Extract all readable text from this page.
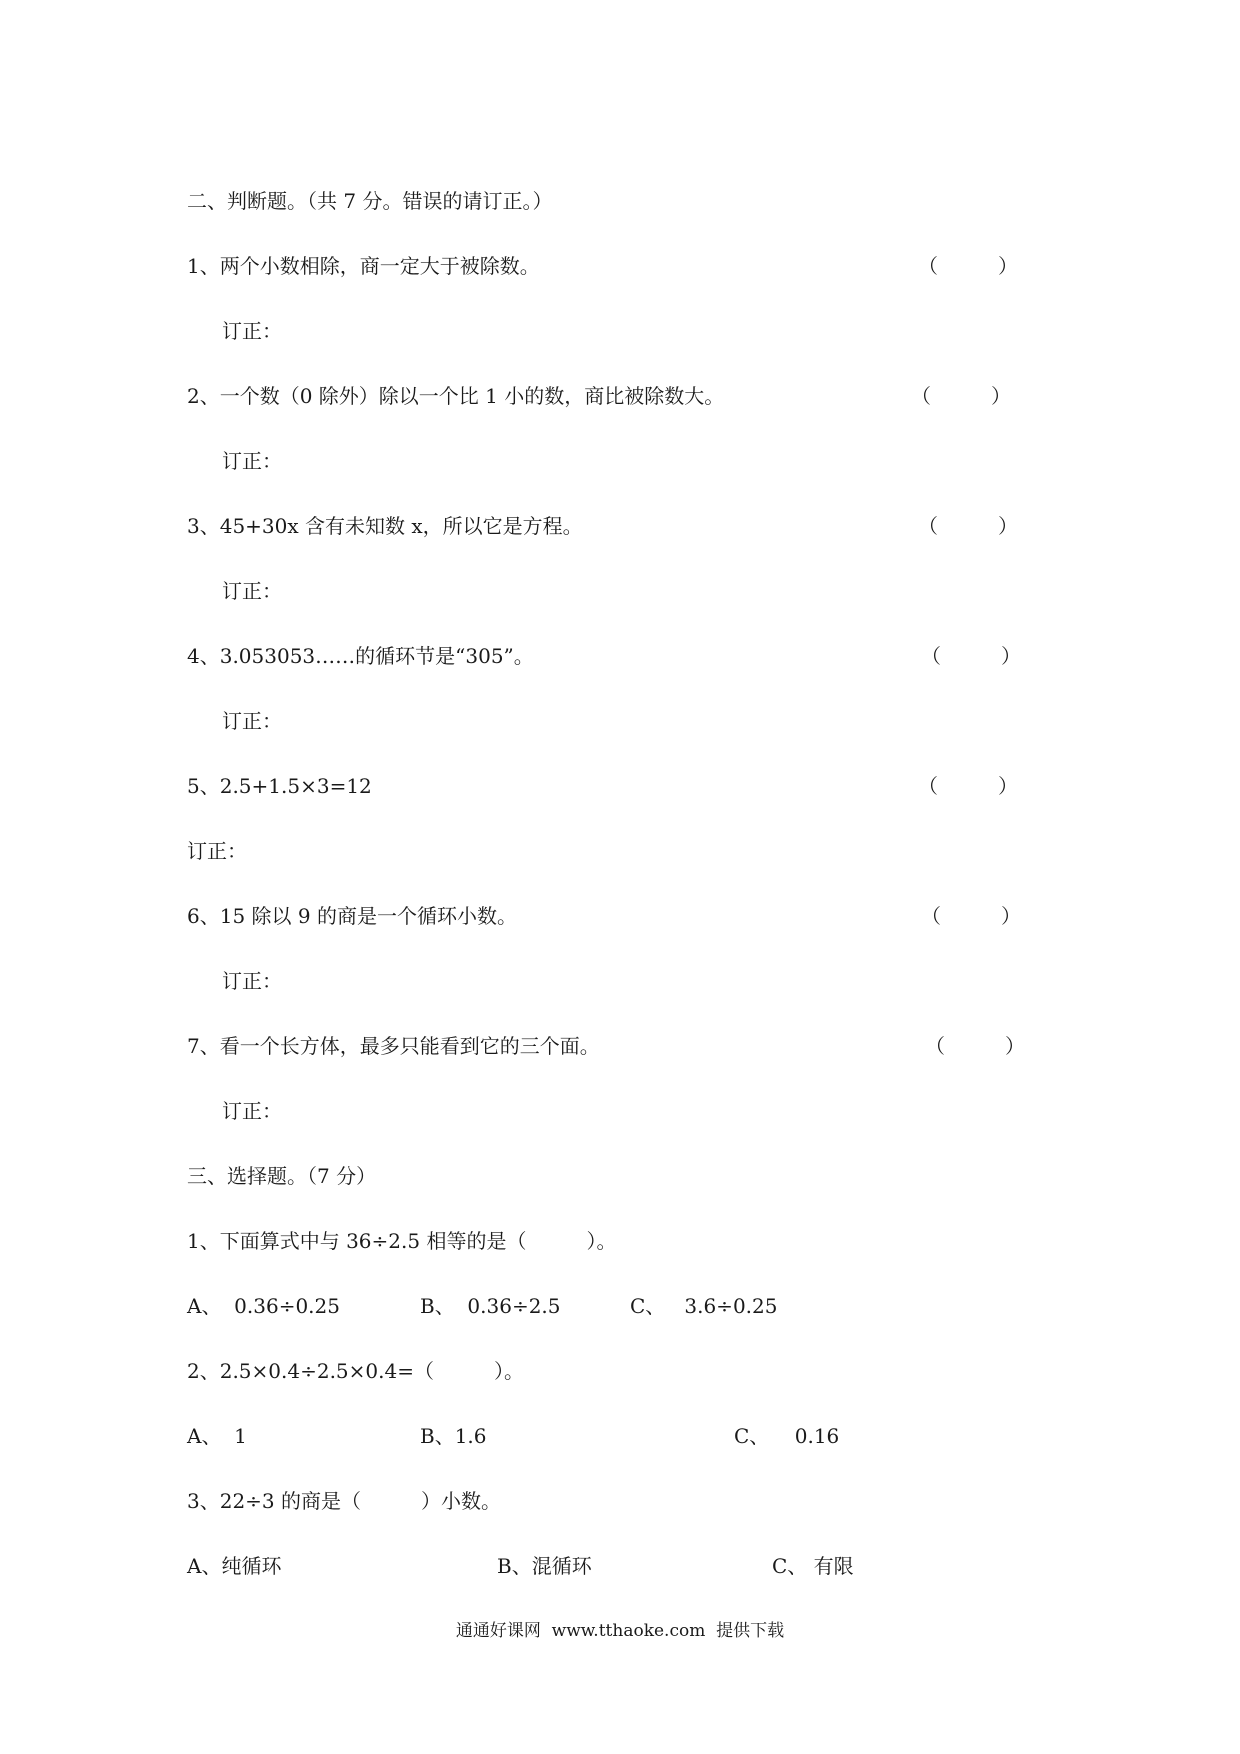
二、判断题。（共 7 分。错误的请订正。）
1、两个小数相除，商一定大于被除数。	（　　　）
订正：
2、一个数（0 除外）除以一个比 1 小的数，商比被除数大。	（　　　）
订正：
3、45+30x 含有未知数 x，所以它是方程。	（　　　）
订正：
4、3.053053……的循环节是“305”。	（　　　）
订正：
5、2.5+1.5×3=12	（　　　）
订正：
6、15 除以 9 的商是一个循环小数。	（　　　）
订正：
7、看一个长方体，最多只能看到它的三个面。	（　　　）
订正：
三、选择题。（7 分）
1、下面算式中与 36÷2.5 相等的是（　　　）。
A、  0.36÷0.25	B、  0.36÷2.5	C、   3.6÷0.25
2、2.5×0.4÷2.5×0.4=（　　　）。
A、  1	B、1.6	C、    0.16
3、22÷3 的商是（　　　）小数。
A、纯循环	B、混循环	C、 有限
通通好课网  www.tthaoke.com  提供下载
